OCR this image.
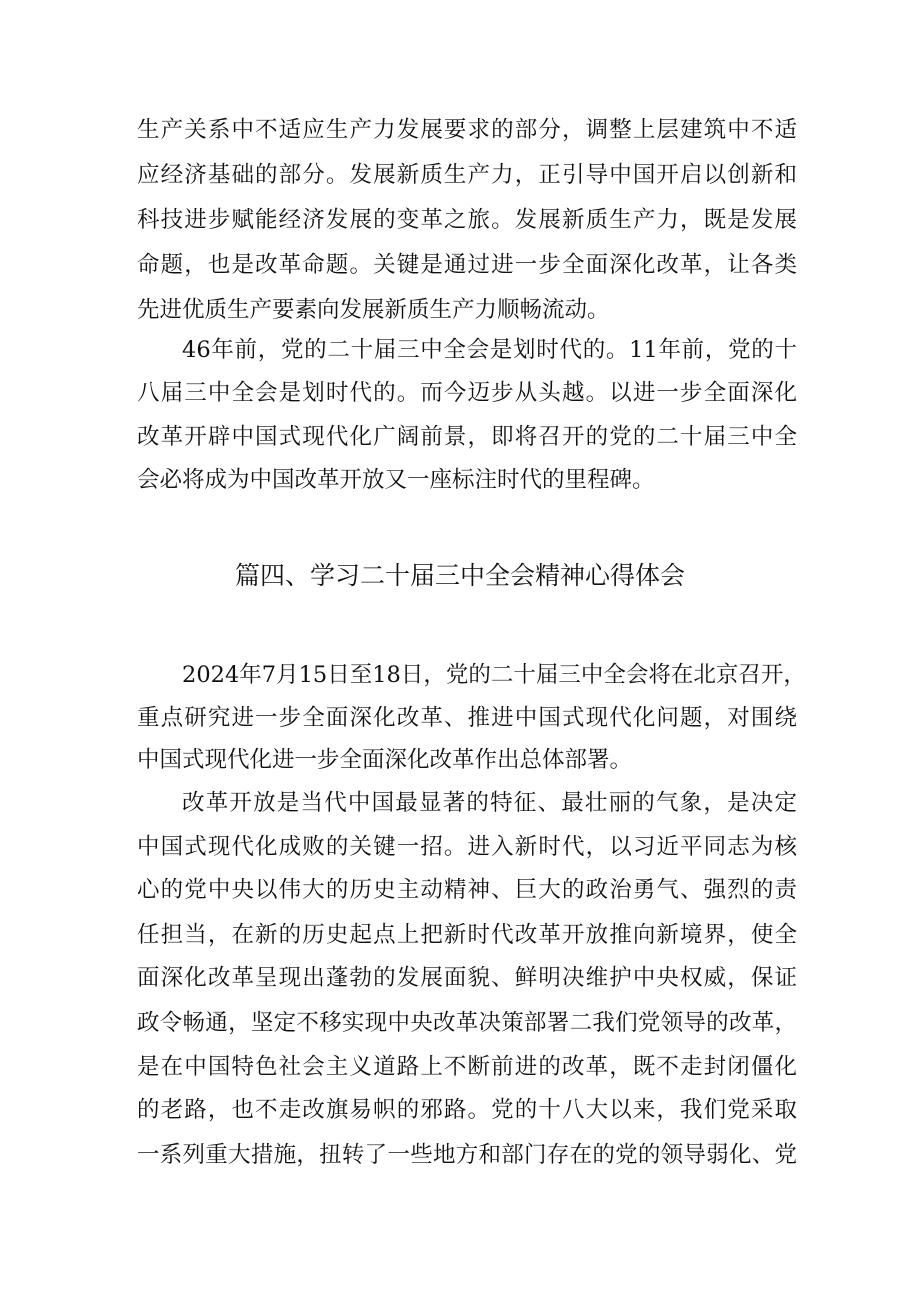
生产关系中不适应生产力发展要求的部分，调整上层建筑中不适
应经济基础的部分。发展新质生产力，正引导中国开启以创新和
科技进步赋能经济发展的变革之旅。发展新质生产力，既是发展
命题，也是改革命题。关键是通过进一步全面深化改革，让各类
先进优质生产要素向发展新质生产力顺畅流动。
46年前，党的二十届三中全会是划时代的。11年前，党的十
八届三中全会是划时代的。而今迈步从头越。以进一步全面深化
改革开辟中国式现代化广阔前景，即将召开的党的二十届三中全
会必将成为中国改革开放又一座标注时代的里程碑。
篇四、学习二十届三中全会精神心得体会
2024年7月15日至18日，党的二十届三中全会将在北京召开，
重点研究进一步全面深化改革、推进中国式现代化问题，对围绕
中国式现代化进一步全面深化改革作出总体部署。
改革开放是当代中国最显著的特征、最壮丽的气象，是决定
中国式现代化成败的关键一招。进入新时代，以习近平同志为核
心的党中央以伟大的历史主动精神、巨大的政治勇气、强烈的责
任担当，在新的历史起点上把新时代改革开放推向新境界，使全
面深化改革呈现出蓬勃的发展面貌、鲜明决维护中央权威，保证
政令畅通，坚定不移实现中央改革决策部署二我们党领导的改革，
是在中国特色社会主义道路上不断前进的改革，既不走封闭僵化
的老路，也不走改旗易帜的邪路。党的十八大以来，我们党采取
一系列重大措施，扭转了一些地方和部门存在的党的领导弱化、党
